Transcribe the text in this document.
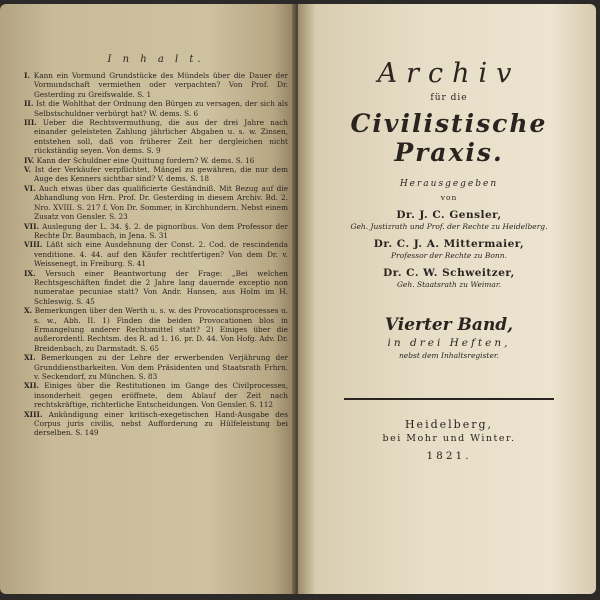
I n h a l t.

I. Kann ein Vormund Grundstücke des Mündels über die Dauer der Vormundschaft vermiethen oder verpachten? Von Prof. Dr. Gesterding zu Greifswalde. S. 1

II. Ist die Wohlthat der Ordnung den Bürgen zu versagen, der sich als Selbstschuldner verbürgt hat? W. dems. S. 6

III. Ueber die Rechtsvermuthung, die aus der drei Jahre nach einander geleisteten Zahlung jährlicher Abgaben u. s. w. Zinsen, entstehen soll, daß von früherer Zeit her dergleichen nicht rückständig seyen. Von dems. S. 9

IV. Kann der Schuldner eine Quittung fordern? W. dems. S. 16

V. Ist der Verkäufer verpflichtet, Mängel zu gewähren, die nur dem Auge des Kenners sichtbar sind? V. dems. S. 18

VI. Auch etwas über das qualificierte Geständniß. Mit Bezug auf die Abhandlung von Hrn. Prof. Dr. Gesterding in diesem Archiv. Bd. 2. Nro. XVIII. S. 217 f. Von Dr. Sommer, in Kirchhundern. Nebst einem Zusatz von Gensler. S. 23

VII. Auslegung der L. 34. §. 2. de pignoribus. Von dem Professor der Rechte Dr. Baumbach, in Jena. S. 31

VIII. Läßt sich eine Ausdehnung der Const. 2. Cod. de rescindenda venditione. 4. 44. auf den Käufer rechtfertigen? Von dem Dr. v. Weissenegt, in Freiburg. S. 41

IX. Versuch einer Beantwortung der Frage: „Bei welchen Rechtsgeschäften findet die 2 Jahre lang dauernde exceptio non numeratae pecuniae statt? Von Andr. Hansen, aus Holm im H. Schleswig. S. 45

X. Bemerkungen über den Werth u. s. w. des Provocationsprocesses u. s. w., Abh. II. 1) Finden die beiden Provocationen blos in Ermangelung anderer Rechtsmittel statt? 2) Einiges über die außerordentl. Rechtsm. des R. ad 1. 16. pr. D. 44. Von Hofg. Adv. Dr. Breidenbach, zu Darmstadt. S. 65

XI. Bemerkungen zu der Lehre der erwerbenden Verjährung der Grunddienstbarkeiten. Von dem Präsidenten und Staatsrath Frhrn. v. Seckendorf, zu München. S. 83

XII. Einiges über die Restitutionen im Gange des Civilprocesses, insonderheit gegen eröffnete, dem Ablauf der Zeit nach rechtskräftige, richterliche Entscheidungen. Von Gensler. S. 112

XIII. Ankündigung einer kritisch-exegetischen Hand-Ausgabe des Corpus juris civilis, nebst Aufforderung zu Hülfeleistung bei derselben. S. 149

Archiv

für die

Civilistische Praxis.

Herausgegeben

von

Dr. J. C. Gensler,

Geh. Justizrath und Prof. der Rechte zu Heidelberg.

Dr. C. J. A. Mittermaier,

Professor der Rechte zu Bonn.

Dr. C. W. Schweitzer,

Geh. Staatsrath zu Weimar.

Vierter Band,

in drei Heften,

nebst dem Inhaltsregister.

Heidelberg,

bei Mohr und Winter.

1821.
